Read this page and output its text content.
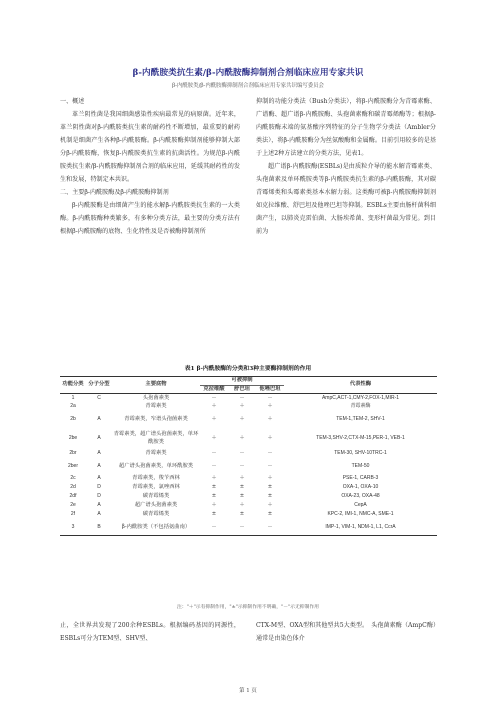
β-内酰胺类抗生素/β-内酰胺酶抑制剂合剂临床应用专家共识
β-内酰胺类/β-内酰胺酶抑制剂合剂临床应用专家共识编写委员会

一、概述

革兰阴性菌是我国细菌感染性疾病最常见的病原菌。近年来，革兰阴性菌对β-内酰胺类抗生素的耐药性不断增加，最重要的耐药机制是细菌产生各种β-内酰胺酶。β-内酰胺酶抑制剂能够抑制大部分β-内酰胺酶，恢复β-内酰胺类抗生素的抗菌活性。为规范β-内酰胺类抗生素/β-内酰胺酶抑制剂合剂的临床应用，延缓其耐药性的发生和发展，特制定本共识。

二、主要β-内酰胺酶及β-内酰胺酶抑制剂

β-内酰胺酶是由细菌产生的能水解β-内酰胺类抗生素的一大类酶。β-内酰胺酶种类繁多，有多种分类方法，最主要的分类方法有根据β-内酰胺酶的底物、生化特性及是否被酶抑制剂所

抑制的功能分类法（Bush分类法），将β-内酰胺酶分为青霉素酶、广谱酶、超广谱β-内酰胺酶、头孢菌素酶和碳青霉烯酶等；根据β-内酰胺酶末端的氨基酸序列特征的分子生物学分类法（Ambler分类法），将β-内酰胺酶分为丝氨酸酶和金属酶。目前引用较多的是基于上述2种方法建立的分类方法，见表1。

超广谱β-内酰胺酶(ESBLs)是由质粒介导的能水解青霉素类、头孢菌素及单环酰胺类等β-内酰胺类抗生素的β-内酰胺酶，其对碳青霉烯类和头霉素类基本水解力弱。这类酶可被β-内酰胺酶抑制剂如克拉维酸、舒巴坦及他唑巴坦等抑制。ESBLs主要由肠杆菌科细菌产生，以肺炎克雷伯菌、大肠埃希菌、变形杆菌最为常见。到目前为

表1 β-内酰胺酶的分类和3种主要酶抑制剂的作用
功能分类	分子分型	主要底物	可被抑制			代表性酶
			克拉维酸	舒巴坦	他唑巴坦	
1	C	头孢菌素类	－	－	－	AmpC,ACT-1,CMY-2,FOX-1,MIR-1
2a		青霉素类	＋	＋	＋	青霉素酶
2b	A	青霉素类，窄谱头孢菌素类	＋	＋	＋	TEM-1,TEM-2, SHV-1
2be	A	青霉素类，超广谱头孢菌素类，单环酰胺类	＋	＋	＋	TEM-3,SHV-2,CTX-M-15,PER-1, VEB-1
2br	A	青霉素类	－	－	－	TEM-30, SHV-10TRC-1
2ber	A	超广谱头孢菌素类，单环酰胺类	－	－	－	TEM-50
2c	A	青霉素类，羧苄西林	＋	＋	＋	PSE-1, CARB-3
2d	D	青霉素类，氯唑西林	±	±	±	OXA-1, OXA-10
2df	D	碳青霉烯类	±	±	±	OXA-23, OXA-48
2e	A	超广谱头孢菌素类	＋	＋	＋	CepA
2f	A	碳青霉烯类	±	±	±	KPC-2, IMI-1, NMC-A, SME-1
3	B	β-内酰胺类（不包括氨曲南）	－	－	－	IMP-1, VIM-1, NDM-1, L1, CcrA
注："＋"示有抑制作用，"±"示抑制作用不明确，"－"示无抑制作用

止，全世界共发现了200余种ESBLs。根据编码基因的同源性，ESBLs可分为TEM型、SHV型、

CTX-M型、OXA型和其他型共5大类型。　头孢菌素酶（AmpC酶）通常是由染色体介

第 1 页
